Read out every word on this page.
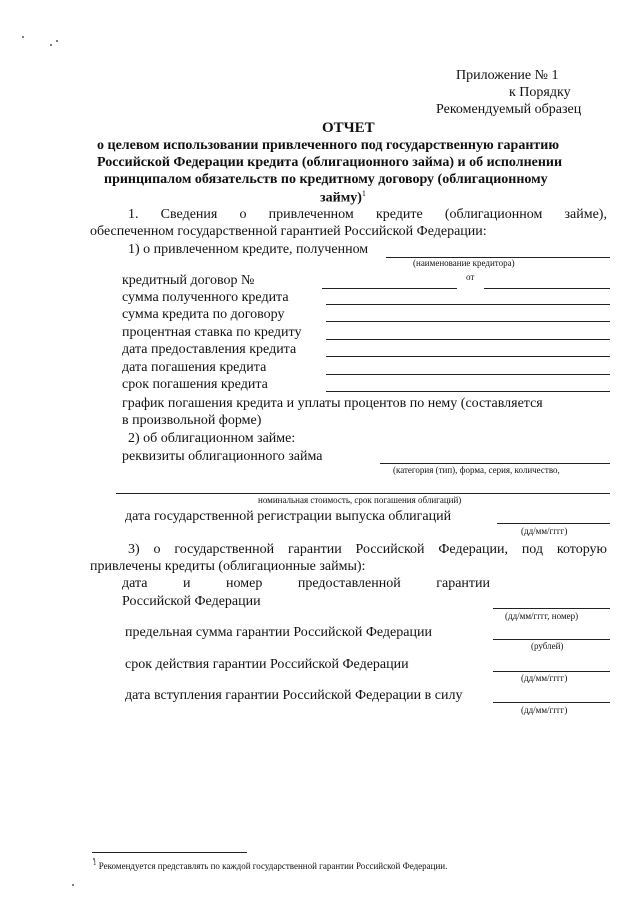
Приложение № 1
к Порядку
Рекомендуемый образец
ОТЧЕТ
о целевом использовании привлеченного под государственную гарантию
Российской Федерации кредита (облигационного займа) и об исполнении
принципалом обязательств по кредитному договору (облигационному
займу)$^1$
1. Сведения о привлеченном кредите (облигационном займе),
обеспеченном государственной гарантией Российской Федерации:
1) о привлеченном кредите, полученном
(наименование кредитора)
кредитный договор №	от
сумма полученного кредита
сумма кредита по договору
процентная ставка по кредиту
дата предоставления кредита
дата погашения кредита
срок погашения кредита
график погашения кредита и уплаты процентов по нему (составляется
в произвольной форме)
2) об облигационном займе:
реквизиты облигационного займа
(категория (тип), форма, серия, количество,
номинальная стоимость, срок погашения облигаций)
дата государственной регистрации выпуска облигаций
(дд/мм/гггг)
3) о государственной гарантии Российской Федерации, под которую
привлечены кредиты (облигационные займы):
дата	и	номер	предоставленной	гарантии
Российской Федерации
(дд/мм/гггг, номер)
предельная сумма гарантии Российской Федерации
(рублей)
срок действия гарантии Российской Федерации
(дд/мм/гггг)
дата вступления гарантии Российской Федерации в силу
(дд/мм/гггг)
$^1$ Рекомендуется представлять по каждой государственной гарантии Российской Федерации.
